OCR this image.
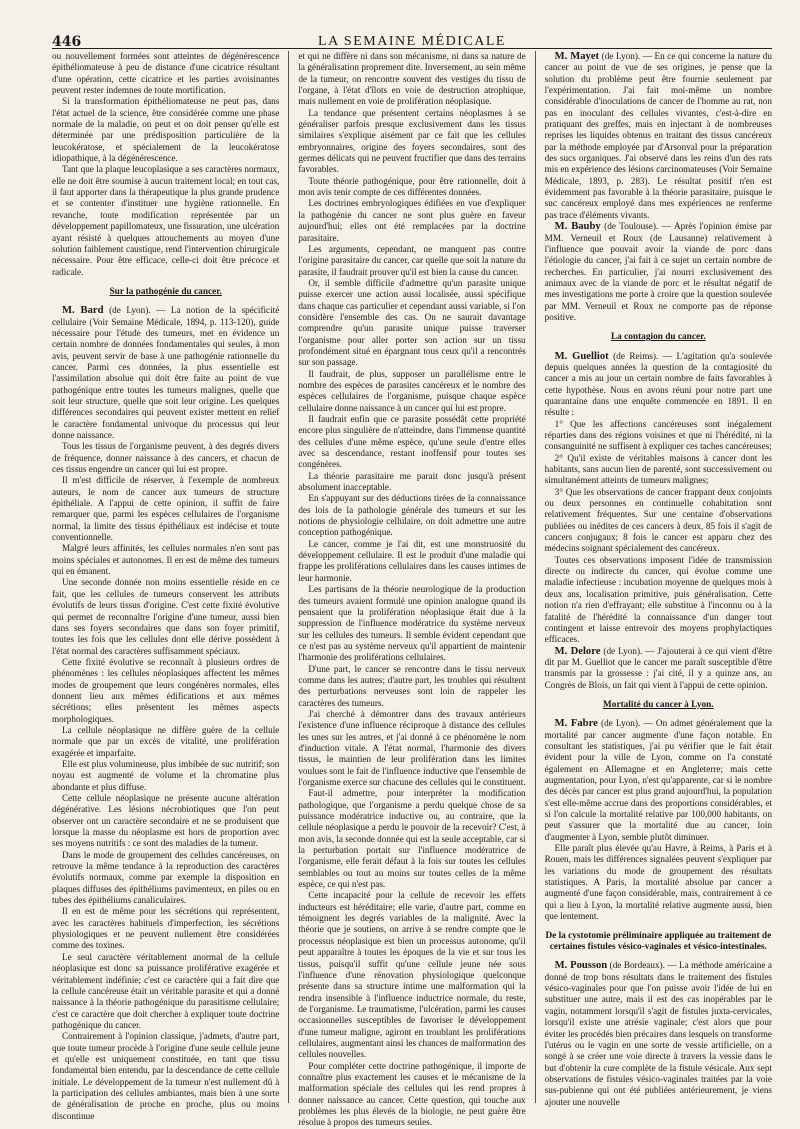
446	LA SEMAINE MÉDICALE

ou nouvellement formées sont atteintes de dégénérescence épithéliomateuse à peu de distance d'une cicatrice résultant d'une opération, cette cicatrice et les parties avoisinantes peuvent rester indemnes de toute mortification.

Si la transformation épithéliomateuse ne peut pas, dans l'état actuel de la science, être considérée comme une phase normale de la maladie, on peut et on doit penser qu'elle est déterminée par une prédisposition particulière de la leucokératose, et spécialement de la leucokératose idiopathique, à la dégénérescence.

Tant que la plaque leucoplasique a ses caractères normaux, elle ne doit être soumise à aucun traitement local; en tout cas, il faut apporter dans la thérapeutique la plus grande prudence et se contenter d'instituer une hygiène rationnelle. En revanche, toute modification représentée par un développement papillomateux, une fissuration, une ulcération ayant résisté à quelques attouchements au moyen d'une solution faiblement caustique, rend l'intervention chirurgicale nécessaire. Pour être efficace, celle-ci doit être précoce et radicale.

Sur la pathogénie du cancer.

M. Bard (de Lyon). — La notion de la spécificité cellulaire (Voir Semaine Médicale, 1894, p. 113-120), guide nécessaire pour l'étude des tumeurs, met en évidence un certain nombre de données fondamentales qui seules, à mon avis, peuvent servir de base à une pathogénie rationnelle du cancer. Parmi ces données, la plus essentielle est l'assimilation absolue qui doit être faite au point de vue pathogénique entre toutes les tumeurs malignes, quelle que soit leur structure, quelle que soit leur origine. Les quelques différences secondaires qui peuvent exister mettent en relief le caractère fondamental univoque du processus qui leur donne naissance.

Tous les tissus de l'organisme peuvent, à des degrés divers de fréquence, donner naissance à des cancers, et chacun de ces tissus engendre un cancer qui lui est propre.

Il m'est difficile de réserver, à l'exemple de nombreux auteurs, le nom de cancer aux tumeurs de structure épithéliale. A l'appui de cette opinion, il suffit de faire remarquer que, parmi les espèces cellulaires de l'organisme normal, la limite des tissus épithéliaux est indécise et toute conventionnelle.

Malgré leurs affinités, les cellules normales n'en sont pas moins spéciales et autonomes. Il en est de même des tumeurs qui en émanent.

Une seconde donnée non moins essentielle réside en ce fait, que les cellules de tumeurs conservent les attributs évolutifs de leurs tissus d'origine. C'est cette fixité évolutive qui permet de reconnaître l'origine d'une tumeur, aussi bien dans ses foyers secondaires que dans son foyer primitif, toutes les fois que les cellules dont elle dérive possèdent à l'état normal des caractères suffisamment spéciaux.

Cette fixité évolutive se reconnaît à plusieurs ordres de phénomènes : les cellules néoplasiques affectent les mêmes modes de groupement que leurs congénères normales, elles donnent lieu aux mêmes édifications et aux mêmes sécrétions; elles présentent les mêmes aspects morphologiques.

La cellule néoplasique ne diffère guère de la cellule normale que par un excès de vitalité, une prolifération exagérée et imparfaite.

Elle est plus volumineuse, plus imbibée de suc nutritif; son noyau est augmenté de volume et la chromatine plus abondante et plus diffuse.

Cette cellule néoplasique ne présente aucune altération dégénérative. Les lésions nécrobiotiques que l'on peut observer ont un caractère secondaire et ne se produisent que lorsque la masse du néoplasme est hors de proportion avec ses moyens nutritifs : ce sont des maladies de la tumeur.

Dans le mode de groupement des cellules cancéreuses, on retrouve la même tendance à la reproduction des caractères évolutifs normaux, comme par exemple la disposition en plaques diffuses des épithéliums pavimenteux, en piles ou en tubes des épithéliums canaliculaires.

Il en est de même pour les sécrétions qui représentent, avec les caractères habituels d'imperfection, les sécrétions physiologiques et ne peuvent nullement être considérées comme des toxines.

Le seul caractère véritablement anormal de la cellule néoplasique est donc sa puissance proliférative exagérée et véritablement indéfinie; c'est ce caractère qui a fait dire que la cellule cancéreuse était un véritable parasite et qui a donné naissance à la théorie pathogénique du parasitisme cellulaire; c'est ce caractère que doit chercher à expliquer toute doctrine pathogénique du cancer.

Contrairement à l'opinion classique, j'admets, d'autre part, que toute tumeur procède à l'origine d'une seule cellule jeune et qu'elle est uniquement constituée, en tant que tissu fondamental bien entendu, par la descendance de cette cellule initiale. Le développement de la tumeur n'est nullement dû à la participation des cellules ambiantes, mais bien à une sorte de généralisation de proche en proche, plus ou moins discontinue

et qui ne diffère ni dans son mécanisme, ni dans sa nature de la généralisation proprement dite. Inversement, au sein même de la tumeur, on rencontre souvent des vestiges du tissu de l'organe, à l'état d'îlots en voie de destruction atrophique, mais nullement en voie de prolifération néoplasique.

La tendance que présentent certains néoplasmes à se généraliser parfois presque exclusivement dans les tissus similaires s'explique aisément par ce fait que les cellules embryonnaires, origine des foyers secondaires, sont des germes délicats qui ne peuvent fructifier que dans des terrains favorables.

Toute théorie pathogénique, pour être rationnelle, doit à mon avis tenir compte de ces différentes données.

Les doctrines embryologiques édifiées en vue d'expliquer la pathogénie du cancer ne sont plus guère en faveur aujourd'hui; elles ont été remplacées par la doctrine parasitaire.

Les arguments, cependant, ne manquent pas contre l'origine parasitaire du cancer, car quelle que soit la nature du parasite, il faudrait prouver qu'il est bien la cause du cancer.

Or, il semble difficile d'admettre qu'un parasite unique puisse exercer une action aussi localisée, aussi spécifique dans chaque cas particulier et cependant aussi variable, si l'on considère l'ensemble des cas. On ne saurait davantage comprendre qu'un parasite unique puisse traverser l'organisme pour aller porter son action sur un tissu profondément situé en épargnant tous ceux qu'il a rencontrés sur son passage.

Il faudrait, de plus, supposer un parallélisme entre le nombre des espèces de parasites cancéreux et le nombre des espèces cellulaires de l'organisme, puisque chaque espèce cellulaire donne naissance à un cancer qui lui est propre.

Il faudrait enfin que ce parasite possédât cette propriété encore plus singulière de n'atteindre, dans l'immense quantité des cellules d'une même espèce, qu'une seule d'entre elles avec sa descendance, restant inoffensif pour toutes ses congénères.

La théorie parasitaire me parait donc jusqu'à présent absolument inacceptable.

En s'appuyant sur des déductions tirées de la connaissance des lois de la pathologie générale des tumeurs et sur les notions de physiologie cellulaire, on doit admettre une autre conception pathogénique.

Le cancer, comme je l'ai dit, est une monstruosité du développement cellulaire. Il est le produit d'une maladie qui frappe les proliférations cellulaires dans les causes intimes de leur harmonie.

Les partisans de la théorie neurologique de la production des tumeurs avaient formulé une opinion analogue quand ils pensaient que la prolifération néoplasique était due à la suppression de l'influence modératrice du système nerveux sur les cellules des tumeurs. Il semble évident cependant que ce n'est pas au système nerveux qu'il appartient de maintenir l'harmonie des proliférations cellulaires.

D'une part, le cancer se rencontre dans le tissu nerveux comme dans les autres; d'autre part, les troubles qui résultent des perturbations nerveuses sont loin de rappeler les caractères des tumeurs.

J'ai cherché à démontrer dans des travaux antérieurs l'existence d'une influence réciproque à distance des cellules les unes sur les autres, et j'ai donné à ce phénomène le nom d'induction vitale. A l'état normal, l'harmonie des divers tissus, le maintien de leur prolifération dans les limites voulues sont le fait de l'influence inductive que l'ensemble de l'organisme exerce sur chacune des cellules qui le constituent.

Faut-il admettre, pour interpréter la modification pathologique, que l'organisme a perdu quelque chose de sa puissance modératrice inductive ou, au contraire, que la cellule néoplasique a perdu le pouvoir de la recevoir? C'est, à mon avis, la seconde donnée qui est la seule acceptable, car si la perturbation portait sur l'influence modératrice de l'organisme, elle ferait défaut à la fois sur toutes les cellules semblables ou tout au moins sur toutes celles de la même espèce, ce qui n'est pas.

Cette incapacité pour la cellule de recevoir les effets inducteurs est héréditaire; elle varie, d'autre part, comme en témoignent les degrés variables de la malignité. Avec la théorie que je soutiens, on arrive à se rendre compte que le processus néoplasique est bien un processus autonome, qu'il peut apparaître à toutes les époques de la vie et sur tous les tissus, puisqu'il suffit qu'une cellule jeune née sous l'influence d'une rénovation physiologique quelconque présente dans sa structure intime une malformation qui la rendra insensible à l'influence inductrice normale, du reste, de l'organisme. Le traumatisme, l'ulcération, parmi les causes occasionnelles susceptibles de favoriser le développement d'une tumeur maligne, agiront en troublant les proliférations cellulaires, augmentant ainsi les chances de malformation des cellules nouvelles.

Pour compléter cette doctrine pathogénique, il importe de connaître plus exactement les causes et le mécanisme de la malformation spéciale des cellules qui les rend propres à donner naissance au cancer. Cette question, qui touche aux problèmes les plus élevés de la biologie, ne peut guère être résolue à propos des tumeurs seules.

M. Mayet (de Lyon). — En ce qui concerne la nature du cancer au point de vue de ses origines, je pense que la solution du problème peut être fournie seulement par l'expérimentation. J'ai fait moi-même un nombre considérable d'inoculations de cancer de l'homme au rat, non pas en inoculant des cellules vivantes, c'est-à-dire en pratiquant des greffes, mais en injectant à de nombreuses reprises les liquides obtenus en traitant des tissus cancéreux par la méthode employée par d'Arsonval pour la préparation des sucs organiques. J'ai observé dans les reins d'un des rats mis en expérience des lésions carcinomateuses (Voir Semaine Médicale, 1893, p. 283). Le résultat positif n'en est évidemment pas favorable à la théorie parasitaire, puisque le suc cancéreux employé dans mes expériences ne renferme pas trace d'éléments vivants.

M. Bauby (de Toulouse). — Après l'opinion émise par MM. Verneuil et Roux (de Lausanne) relativement à l'influence que pouvait avoir la viande de porc dans l'étiologie du cancer, j'ai fait à ce sujet un certain nombre de recherches. En particulier, j'ai nourri exclusivement des animaux avec de la viande de porc et le résultat négatif de mes investigations me porte à croire que la question soulevée par MM. Verneuil et Roux ne comporte pas de réponse positive.

La contagion du cancer.

M. Guelliot (de Reims). — L'agitation qu'a soulevée depuis quelques années la question de la contagiosité du cancer a mis au jour un certain nombre de faits favorables à cette hypothèse. Nous en avons réuni pour notre part une quarantaine dans une enquête commencée en 1891. Il en résulte :

1° Que les affections cancéreuses sont inégalement réparties dans des régions voisines et que ni l'hérédité, ni la consanguinité ne suffisent à expliquer ces taches cancéreuses;

2° Qu'il existe de véritables maisons à cancer dont les habitants, sans aucun lien de parenté, sont successivement ou simultanément atteints de tumeurs malignes;

3° Que les observations de cancer frappant deux conjoints ou deux personnes en continuelle cohabitation sont relativement fréquentes. Sur une centaine d'observations publiées ou inédites de ces cancers à deux, 85 fois il s'agit de cancers conjugaux; 8 fois le cancer est apparu chez des médecins soignant spécialement des cancéreux.

Toutes ces observations imposent l'idée de transmission directe ou indirecte du cancer, qui évolue comme une maladie infectieuse : incubation moyenne de quelques mois à deux ans, localisation primitive, puis généralisation. Cette notion n'a rien d'effrayant; elle substitue à l'inconnu ou à la fatalité de l'hérédité la connaissance d'un danger tout contingent et laisse entrevoir des moyens prophylactiques efficaces.

M. Delore (de Lyon). — J'ajouterai à ce qui vient d'être dit par M. Guelliot que le cancer me paraît susceptible d'être transmis par la grossesse : j'ai cité, il y a quinze ans, au Congrès de Blois, un fait qui vient à l'appui de cette opinion.

Mortalité du cancer à Lyon.

M. Fabre (de Lyon). — On admet généralement que la mortalité par cancer augmente d'une façon notable. En consultant les statistiques, j'ai pu vérifier que le fait était évident pour la ville de Lyon, comme on l'a constaté également en Allemagne et en Angleterre; mais cette augmentation, pour Lyon, n'est qu'apparente, car si le nombre des décès par cancer est plus grand aujourd'hui, la population s'est elle-même accrue dans des proportions considérables, et si l'on calcule la mortalité relative par 100,000 habitants, on peut s'assurer que la mortalité due au cancer, loin d'augmenter à Lyon, semble plutôt diminuer.

Elle paraît plus élevée qu'au Havre, à Reims, à Paris et à Rouen, mais les différences signalées peuvent s'expliquer par les variations du mode de groupement des résultats statistiques. A Paris, la mortalité absolue par cancer a augmenté d'une façon considérable, mais, contrairement à ce qui a lieu à Lyon, la mortalité relative augmente aussi, bien que lentement.

De la cystotomie préliminaire appliquée au traitement de certaines fistules vésico-vaginales et vésico-intestinales.

M. Pousson (de Bordeaux). — La méthode américaine a donné de trop bons résultats dans le traitement des fistules vésico-vaginales pour que l'on puisse avoir l'idée de lui en substituer une autre, mais il est des cas inopérables par le vagin, notamment lorsqu'il s'agit de fistules juxta-cervicales, lorsqu'il existe une atrésie vaginale; c'est alors que pour éviter les procédés bien précaires dans lesquels on transforme l'utérus ou le vagin en une sorte de vessie artificielle, on a songé à se créer une voie directe à travers la vessie dans le but d'obtenir la cure complète de la fistule vésicale. Aux sept observations de fistules vésico-vaginales traitées par la voie sus-pubienne qui ont été publiées antérieurement, je viens ajouter une nouvelle
